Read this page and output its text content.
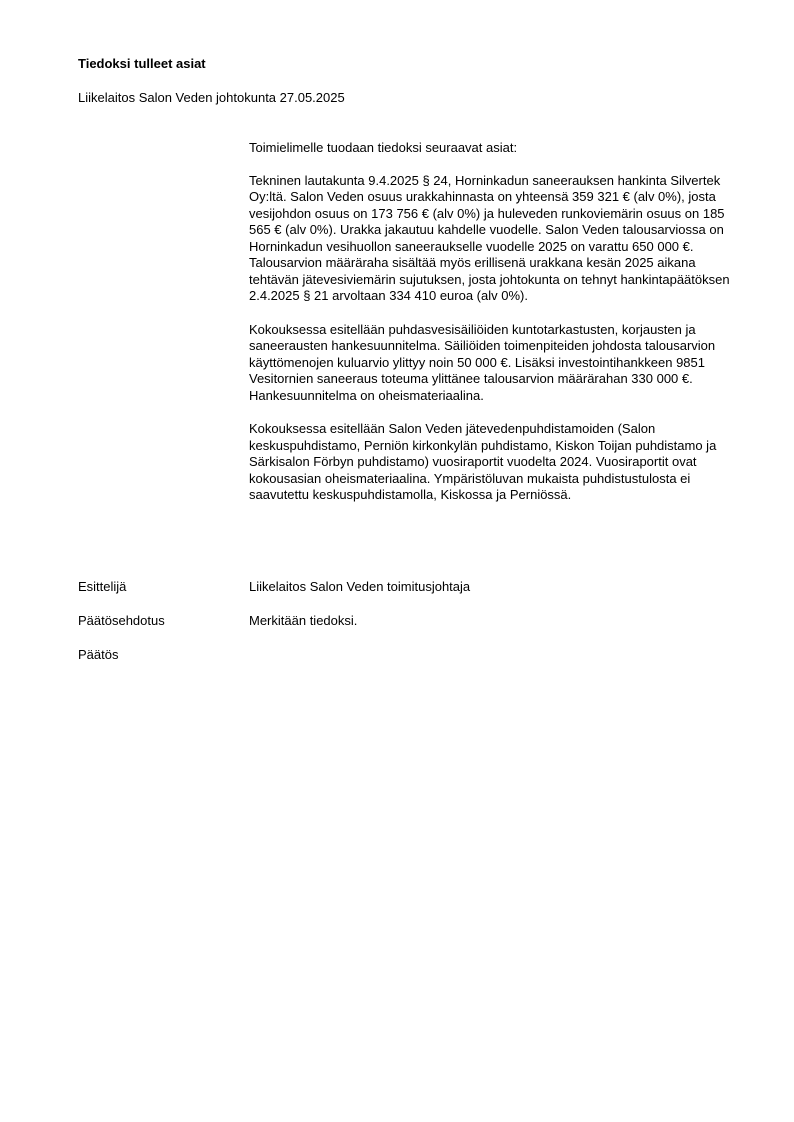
Tiedoksi tulleet asiat
Liikelaitos Salon Veden johtokunta 27.05.2025

Toimielimelle tuodaan tiedoksi seuraavat asiat:

Tekninen lautakunta 9.4.2025 § 24, Horninkadun saneerauksen hankinta Silvertek Oy:ltä. Salon Veden osuus urakkahinnasta on yhteensä 359 321 € (alv 0%), josta vesijohdon osuus on 173 756 € (alv 0%) ja huleveden runkoviemärin osuus on 185 565 € (alv 0%). Urakka jakautuu kahdelle vuodelle. Salon Veden talousarviossa on Horninkadun vesihuollon saneeraukselle vuodelle 2025 on varattu 650 000 €. Talousarvion määräraha sisältää myös erillisenä urakkana kesän 2025 aikana tehtävän jätevesiviemärin sujutuksen, josta johtokunta on tehnyt hankintapäätöksen 2.4.2025 § 21 arvoltaan 334 410 euroa (alv 0%).

Kokouksessa esitellään puhdasvesisäiliöiden kuntotarkastusten, korjausten ja saneerausten hankesuunnitelma. Säiliöiden toimenpiteiden johdosta talousarvion käyttömenojen kuluarvio ylittyy noin 50 000 €. Lisäksi investointihankkeen 9851 Vesitornien saneeraus toteuma ylittänee talousarvion määrärahan 330 000 €. Hankesuunnitelma on oheismateriaalina.

Kokouksessa esitellään Salon Veden jätevedenpuhdistamoiden (Salon keskuspuhdistamo, Perniön kirkonkylän puhdistamo, Kiskon Toijan puhdistamo ja Särkisalon Förbyn puhdistamo) vuosiraportit vuodelta 2024. Vuosiraportit ovat kokousasian oheismateriaalina. Ympäristöluvan mukaista puhdistustulosta ei saavutettu keskuspuhdistamolla, Kiskossa ja Perniössä.

Esittelijä	Liikelaitos Salon Veden toimitusjohtaja
Päätösehdotus	Merkitään tiedoksi.
Päätös
